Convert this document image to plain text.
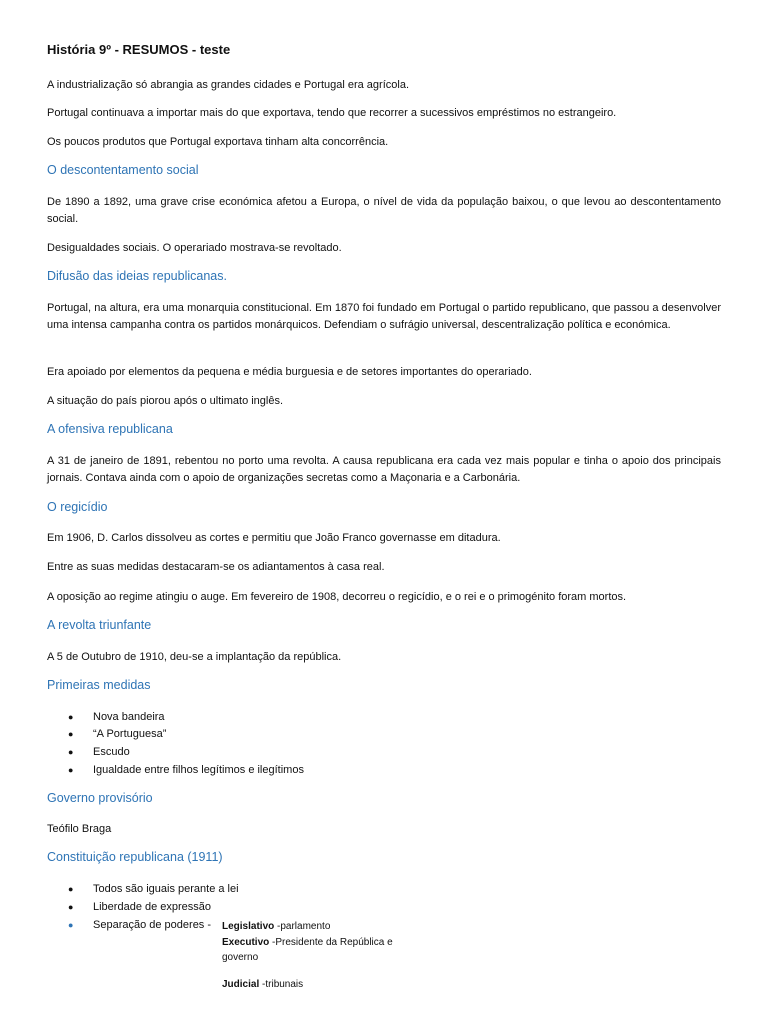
História 9º - RESUMOS - teste
A industrialização só abrangia as grandes cidades e Portugal era agrícola.
Portugal continuava a importar mais do que exportava, tendo que recorrer a sucessivos empréstimos no estrangeiro.
Os poucos produtos que Portugal exportava tinham alta concorrência.
O descontentamento social
De 1890 a 1892, uma grave crise económica afetou a Europa, o nível de vida da população baixou, o que levou ao descontentamento social.
Desigualdades sociais. O operariado mostrava-se revoltado.
Difusão das ideias republicanas.
Portugal, na altura, era uma monarquia constitucional. Em 1870 foi fundado em Portugal o partido republicano, que passou a desenvolver uma intensa campanha contra os partidos monárquicos. Defendiam o sufrágio universal, descentralização política e económica.
Era apoiado por elementos da pequena e média burguesia e de setores importantes do operariado.
A situação do país piorou após o ultimato inglês.
A ofensiva republicana
A 31 de janeiro de 1891, rebentou no porto uma revolta. A causa republicana era cada vez mais popular e tinha o apoio dos principais jornais. Contava ainda com o apoio de organizações secretas como a Maçonaria e a Carbonária.
O regicídio
Em 1906, D. Carlos dissolveu as cortes e permitiu que João Franco governasse em ditadura.
Entre as suas medidas destacaram-se os adiantamentos à casa real.
A oposição ao regime atingiu o auge. Em fevereiro de 1908, decorreu o regicídio, e o rei e o primogénito foram mortos.
A revolta triunfante
A 5 de Outubro de 1910, deu-se a implantação da república.
Primeiras medidas
● Nova bandeira
● “A Portuguesa”
● Escudo
● Igualdade entre filhos legítimos e ilegítimos
Governo provisório
Teófilo Braga
Constituição republicana (1911)
● Todos são iguais perante a lei
● Liberdade de expressão
● Separação de poderes - Legislativo -parlamento
Executivo -Presidente da República e governo
Judicial -tribunais
